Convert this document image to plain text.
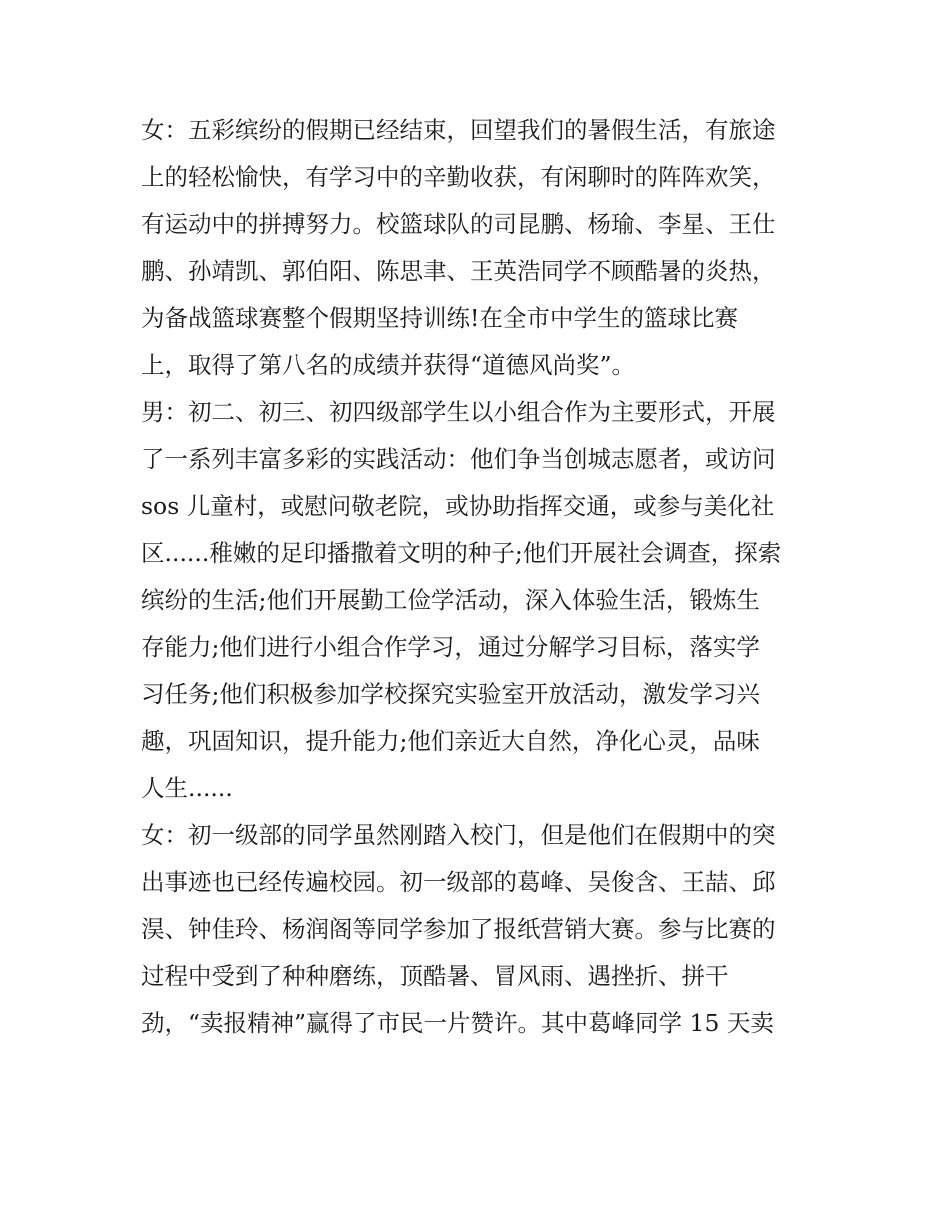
女：五彩缤纷的假期已经结束，回望我们的暑假生活，有旅途
上的轻松愉快，有学习中的辛勤收获，有闲聊时的阵阵欢笑，
有运动中的拼搏努力。校篮球队的司昆鹏、杨瑜、李星、王仕
鹏、孙靖凯、郭伯阳、陈思聿、王英浩同学不顾酷暑的炎热，
为备战篮球赛整个假期坚持训练!在全市中学生的篮球比赛
上，取得了第八名的成绩并获得“道德风尚奖”。
男：初二、初三、初四级部学生以小组合作为主要形式，开展
了一系列丰富多彩的实践活动：他们争当创城志愿者，或访问
sos 儿童村，或慰问敬老院，或协助指挥交通，或参与美化社
区......稚嫩的足印播撒着文明的种子;他们开展社会调查，探索
缤纷的生活;他们开展勤工俭学活动，深入体验生活，锻炼生
存能力;他们进行小组合作学习，通过分解学习目标，落实学
习任务;他们积极参加学校探究实验室开放活动，激发学习兴
趣，巩固知识，提升能力;他们亲近大自然，净化心灵，品味
人生......
女：初一级部的同学虽然刚踏入校门，但是他们在假期中的突
出事迹也已经传遍校园。初一级部的葛峰、吴俊含、王喆、邱
淏、钟佳玲、杨润阁等同学参加了报纸营销大赛。参与比赛的
过程中受到了种种磨练，顶酷暑、冒风雨、遇挫折、拼干
劲，“卖报精神”赢得了市民一片赞许。其中葛峰同学 15 天卖
